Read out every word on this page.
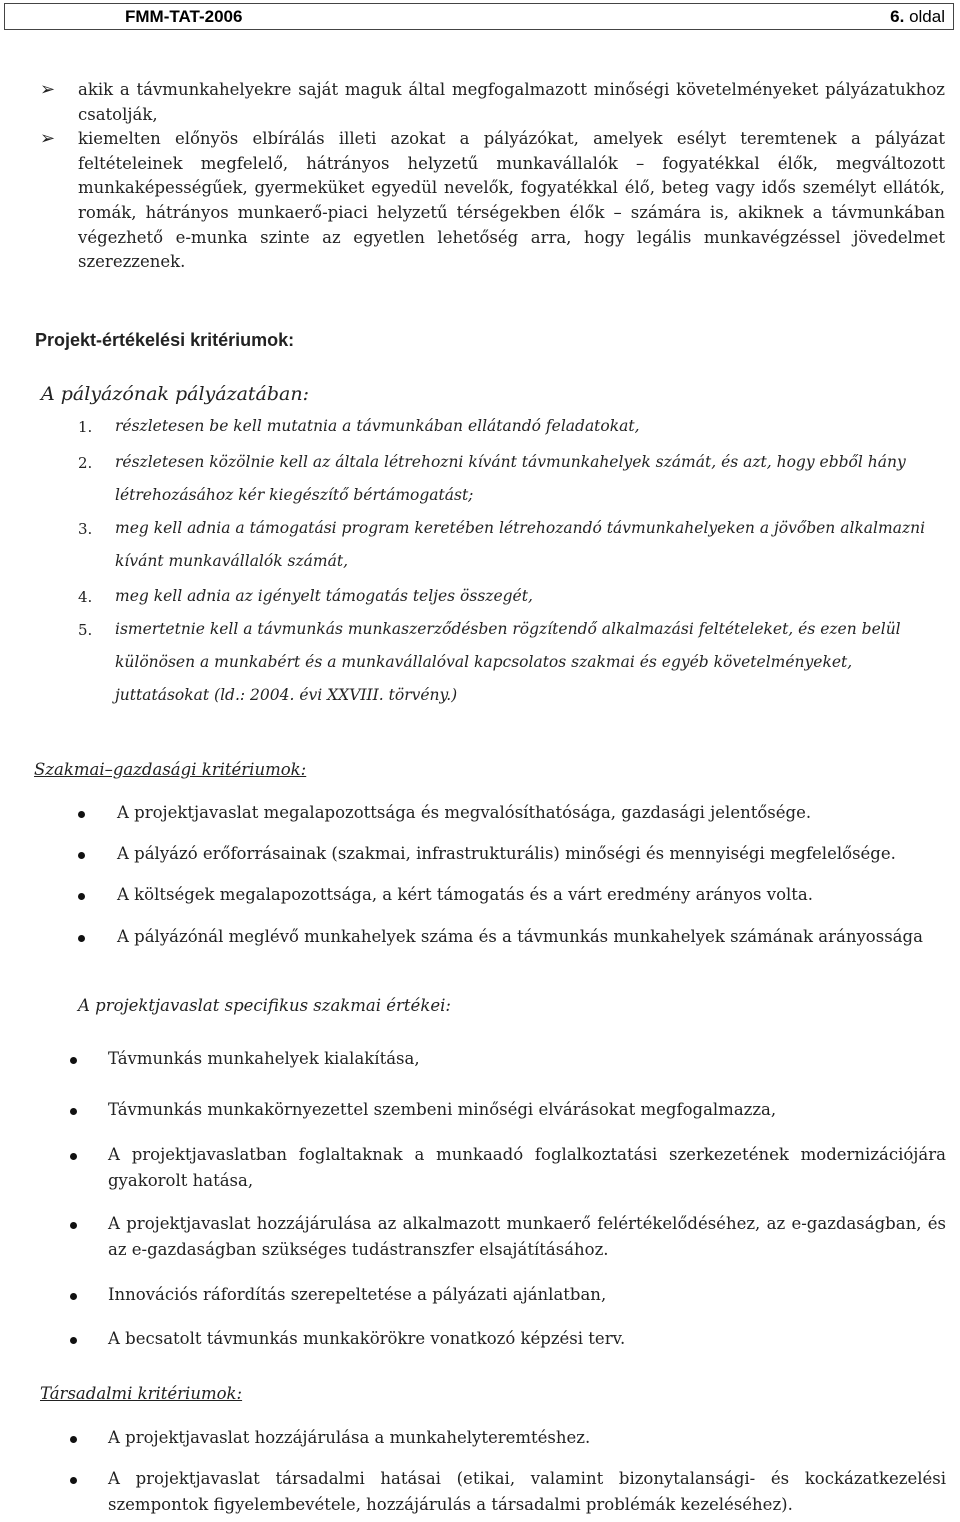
FMM-TAT-2006	6. oldal
➢ akik a távmunkahelyekre saját maguk által megfogalmazott minőségi követelményeket pályázatukhoz csatolják,
➢ kiemelten előnyös elbírálás illeti azokat a pályázókat, amelyek esélyt teremtenek a pályázat feltételeinek megfelelő, hátrányos helyzetű munkavállalók – fogyatékkal élők, megváltozott munkaképességűek, gyermeküket egyedül nevelők, fogyatékkal élő, beteg vagy idős személyt ellátók, romák, hátrányos munkaerő-piaci helyzetű térségekben élők – számára is, akiknek a távmunkában végezhető e-munka szinte az egyetlen lehetőség arra, hogy legális munkavégzéssel jövedelmet szerezzenek.
Projekt-értékelési kritériumok:
A pályázónak pályázatában:
1. részletesen be kell mutatnia a távmunkában ellátandó feladatokat,
2. részletesen közölnie kell az általa létrehozni kívánt távmunkahelyek számát, és azt, hogy ebből hány létrehozásához kér kiegészítő bértámogatást;
3. meg kell adnia a támogatási program keretében létrehozandó távmunkahelyeken a jövőben alkalmazni kívánt munkavállalók számát,
4. meg kell adnia az igényelt támogatás teljes összegét,
5. ismertetnie kell a távmunkás munkaszerződésben rögzítendő alkalmazási feltételeket, és ezen belül különösen a munkabért és a munkavállalóval kapcsolatos szakmai és egyéb követelményeket, juttatásokat (ld.: 2004. évi XXVIII. törvény.)
Szakmai–gazdasági kritériumok:
A projektjavaslat megalapozottsága és megvalósíthatósága, gazdasági jelentősége.
A pályázó erőforrásainak (szakmai, infrastrukturális) minőségi és mennyiségi megfelelősége.
A költségek megalapozottsága, a kért támogatás és a várt eredmény arányos volta.
A pályázónál meglévő munkahelyek száma és a távmunkás munkahelyek számának arányossága
A projektjavaslat specifikus szakmai értékei:
Távmunkás munkahelyek kialakítása,
Távmunkás munkakörnyezettel szembeni minőségi elvárásokat megfogalmazza,
A projektjavaslatban foglaltaknak a munkaadó foglalkoztatási szerkezetének modernizációjára gyakorolt hatása,
A projektjavaslat hozzájárulása az alkalmazott munkaerő felértékelődéséhez, az e-gazdaságban, és az e-gazdaságban szükséges tudástranszfer elsajátításához.
Innovációs ráfordítás szerepeltetése a pályázati ajánlatban,
A becsatolt távmunkás munkakörökre vonatkozó képzési terv.
Társadalmi kritériumok:
A projektjavaslat hozzájárulása a munkahelyteremtéshez.
A projektjavaslat társadalmi hatásai (etikai, valamint bizonytalansági- és kockázatkezelési szempontok figyelembevétele, hozzájárulás a társadalmi problémák kezeléséhez).
